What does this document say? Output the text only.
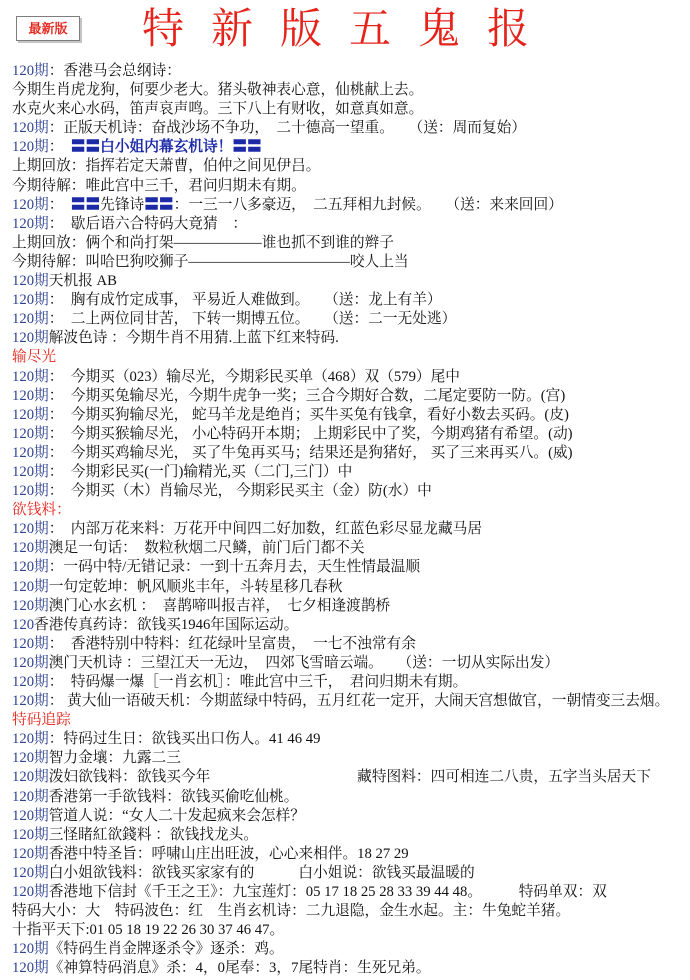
最新版 特新版五鬼报
120期：香港马会总纲诗：
今期生肖虎龙狗，何要少老大。猪头敬神表心意，仙桃献上去。
水克火来心水码，笛声哀声鸣。三下八上有财收，如意真如意。
120期：正版天机诗：奋战沙场不争功，　二十德高一望重。　　（送：周而复始）
120期：　〓〓白小姐内幕玄机诗！〓〓
上期回放：指挥若定天萧曹，伯仲之间见伊吕。
今期待解：唯此宫中三千，君问归期未有期。
120期：　〓〓先锋诗〓〓：一三一八多豪迈，　二五拜相九封候。　　（送：来来回回）
120期：　歇后语六合特码大竟猜　：
上期回放：俩个和尚打架——————谁也抓不到谁的辫子
今期待解：叫哈巴狗咬狮子———————————咬人上当
120期天机报 AB
120期：　胸有成竹定成事， 平易近人难做到。　　（送：龙上有羊）
120期：　二上两位同甘苦， 下转一期博五位。　　（送：二一无处逃）
120期解波色诗 ：今期牛肖不用猜.上蓝下红来特码.
输尽光
120期：　今期买（023）输尽光，今期彩民买单（468）双（579）尾中
120期：　今期买兔输尽光，今期牛虎争一奖；三合今期好合数，二尾定要防一防。(宫)
120期：　今期买狗输尽光， 蛇马羊龙是绝肖；买牛买兔有钱拿，看好小数去买码。(皮)
120期：　今期买猴输尽光， 小心特码开本期； 上期彩民中了奖，今期鸡猪有希望。(动)
120期：　今期买鸡输尽光， 买了牛兔再买马；结果还是狗猪好， 买了三来再买八。(威)
120期：　今期彩民买(一门)输精光,买（二门,三门）中
120期：　今期买（木）肖输尽光， 今期彩民买主（金）防(水）中
欲钱料：
120期：　内部万花来料：万花开中间四二好加数，红蓝色彩尽显龙藏马居
120期澳足一句话：　数粒秋烟二尺鳞，前门后门都不关
120期：一码中特/无错记录：一到十五奔月去，天生性情最温顺
120期一句定乾坤：帆风顺兆丰年，斗转星移几春秋
120期澳门心水玄机 ：　喜鹊啼叫报吉祥，　七夕相逢渡鹊桥
120香港传真药诗：欲钱买1946年国际运动。
120期：　香港特别中特料：红花绿叶呈富贵，　一七不浊常有余
120期澳门天机诗 ：三望江天一无边，　四郊飞雪暗云端。　　（送：一切从实际出发）
120期：　特码爆一爆［一肖玄机］：唯此宫中三千，　君问归期未有期。
120期： 黄大仙一语破天机：今期蓝绿中特码，五月红花一定开，大闹天宫想做官，一朝情变三去烟。
特码追踪
120期：特码过生日：欲钱买出口伤人。41 46 49
120期智力金壤：九露二三
120期泼妇欲钱料：欲钱买今年　　　　　　　　　　藏特图料：四可相连二八贵，五字当头居天下
120期香港第一手欲钱料：欲钱买偷吃仙桃。
120期管道人说：“女人二十发起疯来会怎样？
120期三怪睹紅欲錢料 ：欲钱找龙头。
120期香港中特圣旨：呼啸山庄出旺波，心心来相伴。18 27 29
120期白小姐欲钱料：欲钱买家家有的　　　白小姐说：欲钱买最温暖的
120期香港地下信封《千王之王》：九宝莲灯：05 17 18 25 28 33 39 44 48。　　　特码单双：双
特码大小：大　特码波色：红　生肖玄机诗：二九退隐，金生水起。主：牛兔蛇羊猪。
十指平天下:01 05 18 19 22 26 30 37 46 47。
120期《特码生肖金牌逐杀令》逐杀：鸡。
120期《神算特码消息》杀：4，0尾奉：3，7尾特肖：生死兄弟。
